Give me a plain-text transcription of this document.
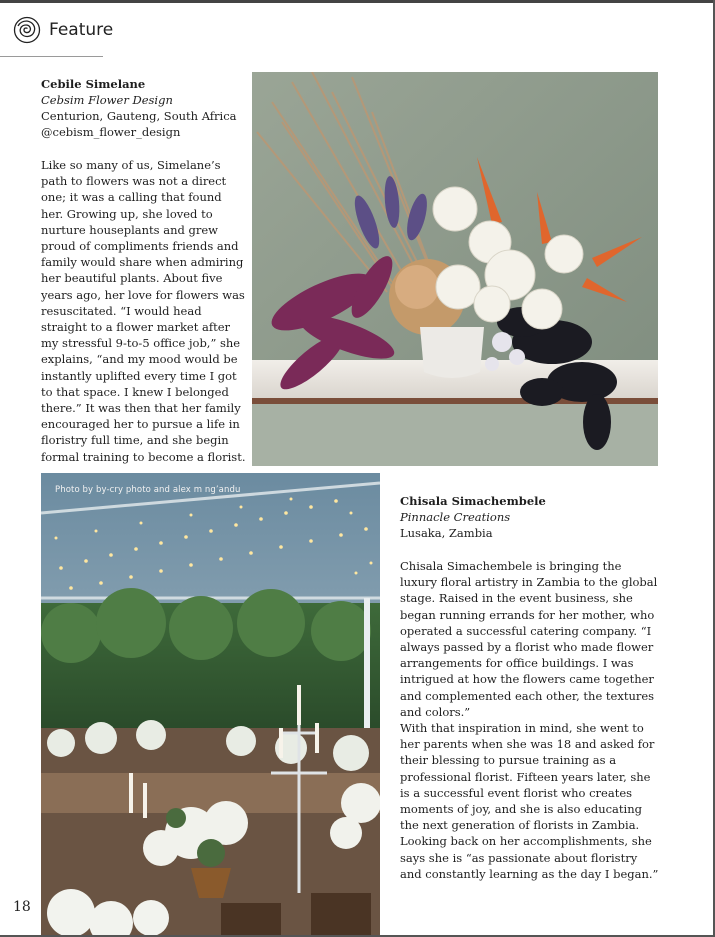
Feature
Cebile Simelane
Cebsim Flower Design
Centurion, Gauteng, South Africa
@cebism_flower_design

Like so many of us, Simelane’s path to flowers was not a direct one; it was a calling that found her. Growing up, she loved to nurture houseplants and grew proud of compliments friends and family would share when admiring her beautiful plants. About five years ago, her love for flowers was resuscitated. “I would head straight to a flower market after my stressful 9-to-5 office job,” she explains, “and my mood would be instantly uplifted every time I got to that space. I knew I belonged there.” It was then that her family encouraged her to pursue a life in floristry full time, and she begin formal training to become a florist.

Photo by by-cry photo and alex m ng’andu
Chisala Simachembele
Pinnacle Creations
Lusaka, Zambia

Chisala Simachembele is bringing the luxury floral artistry in Zambia to the global stage. Raised in the event business, she began running errands for her mother, who operated a successful catering company. “I always passed by a florist who made flower arrangements for office buildings. I was intrigued at how the flowers came together and complemented each other, the textures and colors.”

With that inspiration in mind, she went to her parents when she was 18 and asked for their blessing to pursue training as a professional florist. Fifteen years later, she is a successful event florist who creates moments of joy, and she is also educating the next generation of florists in Zambia. Looking back on her accomplishments, she says she is “as passionate about floristry and constantly learning as the day I began.”

18
